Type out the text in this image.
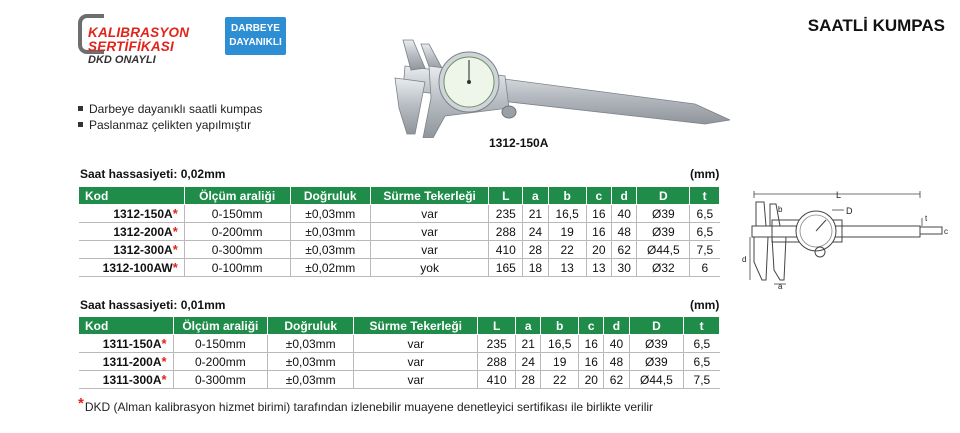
KALIBRASYON
SERTİFİKASI
DKD ONAYLI
DARBEYE
DAYANIKLI
SAATLİ KUMPAS
Darbeye dayanıklı saatli kumpas
Paslanmaz çelikten yapılmıştır
1312-150A
Saat hassasiyeti: 0,02mm	(mm)
Kod	Ölçüm araliği	Doğruluk	Sürme Tekerleği	L	a	b	c	d	D	t
1312-150A*	0-150mm	±0,03mm	var	235	21	16,5	16	40	Ø39	6,5
1312-200A*	0-200mm	±0,03mm	var	288	24	19	16	48	Ø39	6,5
1312-300A*	0-300mm	±0,03mm	var	410	28	22	20	62	Ø44,5	7,5
1312-100AW*	0-100mm	±0,02mm	yok	165	18	13	13	30	Ø32	6
Saat hassasiyeti: 0,01mm	(mm)
Kod	Ölçüm araliği	Doğruluk	Sürme Tekerleği	L	a	b	c	d	D	t
1311-150A*	0-150mm	±0,03mm	var	235	21	16,5	16	40	Ø39	6,5
1311-200A*	0-200mm	±0,03mm	var	288	24	19	16	48	Ø39	6,5
1311-300A*	0-300mm	±0,03mm	var	410	28	22	20	62	Ø44,5	7,5
*DKD (Alman kalibrasyon hizmet birimi) tarafından izlenebilir muayene denetleyici sertifikası ile birlikte verilir
L
D
b
t
c
a
d
